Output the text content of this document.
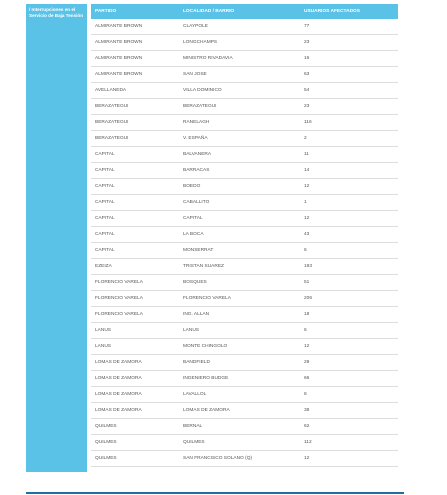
/ Interrupciones en el Servicio de Baja Tensión
PARTIDO	LOCALIDAD / BARRIO	USUARIOS AFECTADOS
ALMIRANTE BROWN	CLAYPOLE	77
ALMIRANTE BROWN	LONGCHAMPS	23
ALMIRANTE BROWN	MINISTRO RIVADAVIA	16
ALMIRANTE BROWN	SAN JOSE	63
AVELLANEDA	VILLA DOMINICO	54
BERAZATEGUI	BERAZATEGUI	23
BERAZATEGUI	RANELAGH	116
BERAZATEGUI	V. ESPAÑA	2
CAPITAL	BALVANERA	11
CAPITAL	BARRACAS	14
CAPITAL	BOEDO	12
CAPITAL	CABALLITO	1
CAPITAL	CAPITAL	12
CAPITAL	LA BOCA	43
CAPITAL	MONSERRAT	6
EZEIZA	TRISTAN SUAREZ	193
FLORENCIO VARELA	BOSQUES	51
FLORENCIO VARELA	FLORENCIO VARELA	206
FLORENCIO VARELA	ING. ALLAN	18
LANUS	LANUS	6
LANUS	MONTE CHINGOLO	12
LOMAS DE ZAMORA	BANDFIELD	29
LOMAS DE ZAMORA	INGENIERO BUDGE	66
LOMAS DE ZAMORA	LAVALLOL	8
LOMAS DE ZAMORA	LOMAS DE ZAMORA	38
QUILMES	BERNAL	62
QUILMES	QUILMES	112
QUILMES	SAN FRANCISCO SOLANO (Q)	12
